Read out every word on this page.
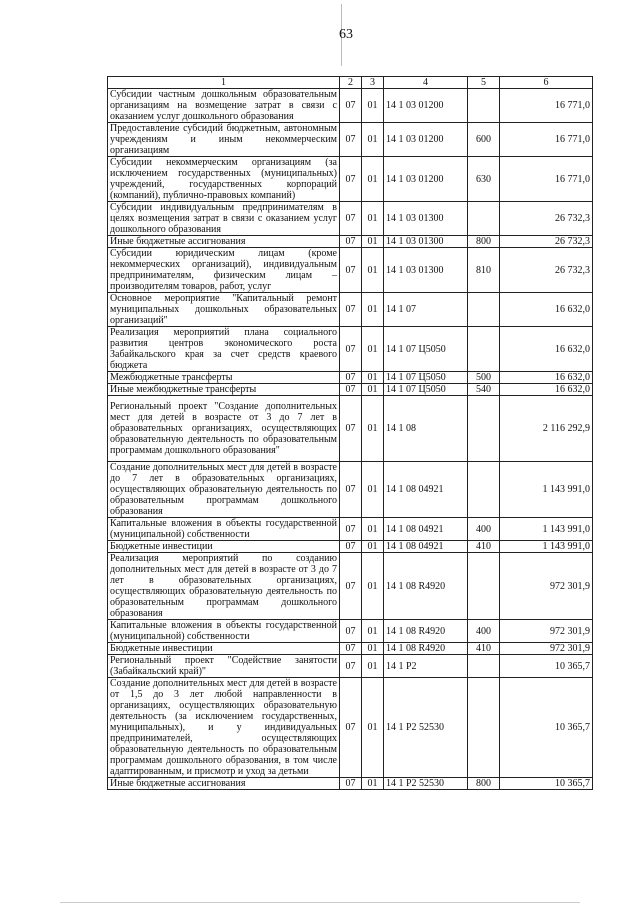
63
1	2	3	4	5	6
Субсидии частным дошкольным образовательным организациям на возмещение затрат в связи с оказанием услуг дошкольного образования	07	01	14 1 03 01200		16 771,0
Предоставление субсидий бюджетным, автономным учреждениям и иным некоммерческим организациям	07	01	14 1 03 01200	600	16 771,0
Субсидии некоммерческим организациям (за исключением государственных (муниципальных) учреждений, государственных корпораций (компаний), публично-правовых компаний)	07	01	14 1 03 01200	630	16 771,0
Субсидии индивидуальным предпринимателям в целях возмещения затрат в связи с оказанием услуг дошкольного образования	07	01	14 1 03 01300		26 732,3
Иные бюджетные ассигнования	07	01	14 1 03 01300	800	26 732,3
Субсидии юридическим лицам (кроме некоммерческих организаций), индивидуальным предпринимателям, физическим лицам – производителям товаров, работ, услуг	07	01	14 1 03 01300	810	26 732,3
Основное мероприятие "Капитальный ремонт муниципальных дошкольных образовательных организаций"	07	01	14 1 07		16 632,0
Реализация мероприятий плана социального развития центров экономического роста Забайкальского края за счет средств краевого бюджета	07	01	14 1 07 Ц5050		16 632,0
Межбюджетные трансферты	07	01	14 1 07 Ц5050	500	16 632,0
Иные межбюджетные трансферты	07	01	14 1 07 Ц5050	540	16 632,0
Региональный проект "Создание дополнительных мест для детей в возрасте от 3 до 7 лет в образовательных организациях, осуществляющих образовательную деятельность по образовательным программам дошкольного образования"	07	01	14 1 08		2 116 292,9
Создание дополнительных мест для детей в возрасте до 7 лет в образовательных организациях, осуществляющих образовательную деятельность по образовательным программам дошкольного образования	07	01	14 1 08 04921		1 143 991,0
Капитальные вложения в объекты государственной (муниципальной) собственности	07	01	14 1 08 04921	400	1 143 991,0
Бюджетные инвестиции	07	01	14 1 08 04921	410	1 143 991,0
Реализация мероприятий по созданию дополнительных мест для детей в возрасте от 3 до 7 лет в образовательных организациях, осуществляющих образовательную деятельность по образовательным программам дошкольного образования	07	01	14 1 08 R4920		972 301,9
Капитальные вложения в объекты государственной (муниципальной) собственности	07	01	14 1 08 R4920	400	972 301,9
Бюджетные инвестиции	07	01	14 1 08 R4920	410	972 301,9
Региональный проект "Содействие занятости (Забайкальский край)"	07	01	14 1 P2		10 365,7
Создание дополнительных мест для детей в возрасте от 1,5 до 3 лет любой направленности в организациях, осуществляющих образовательную деятельность (за исключением государственных, муниципальных), и у индивидуальных предпринимателей, осуществляющих образовательную деятельность по образовательным программам дошкольного образования, в том числе адаптированным, и присмотр и уход за детьми	07	01	14 1 P2 52530		10 365,7
Иные бюджетные ассигнования	07	01	14 1 P2 52530	800	10 365,7
